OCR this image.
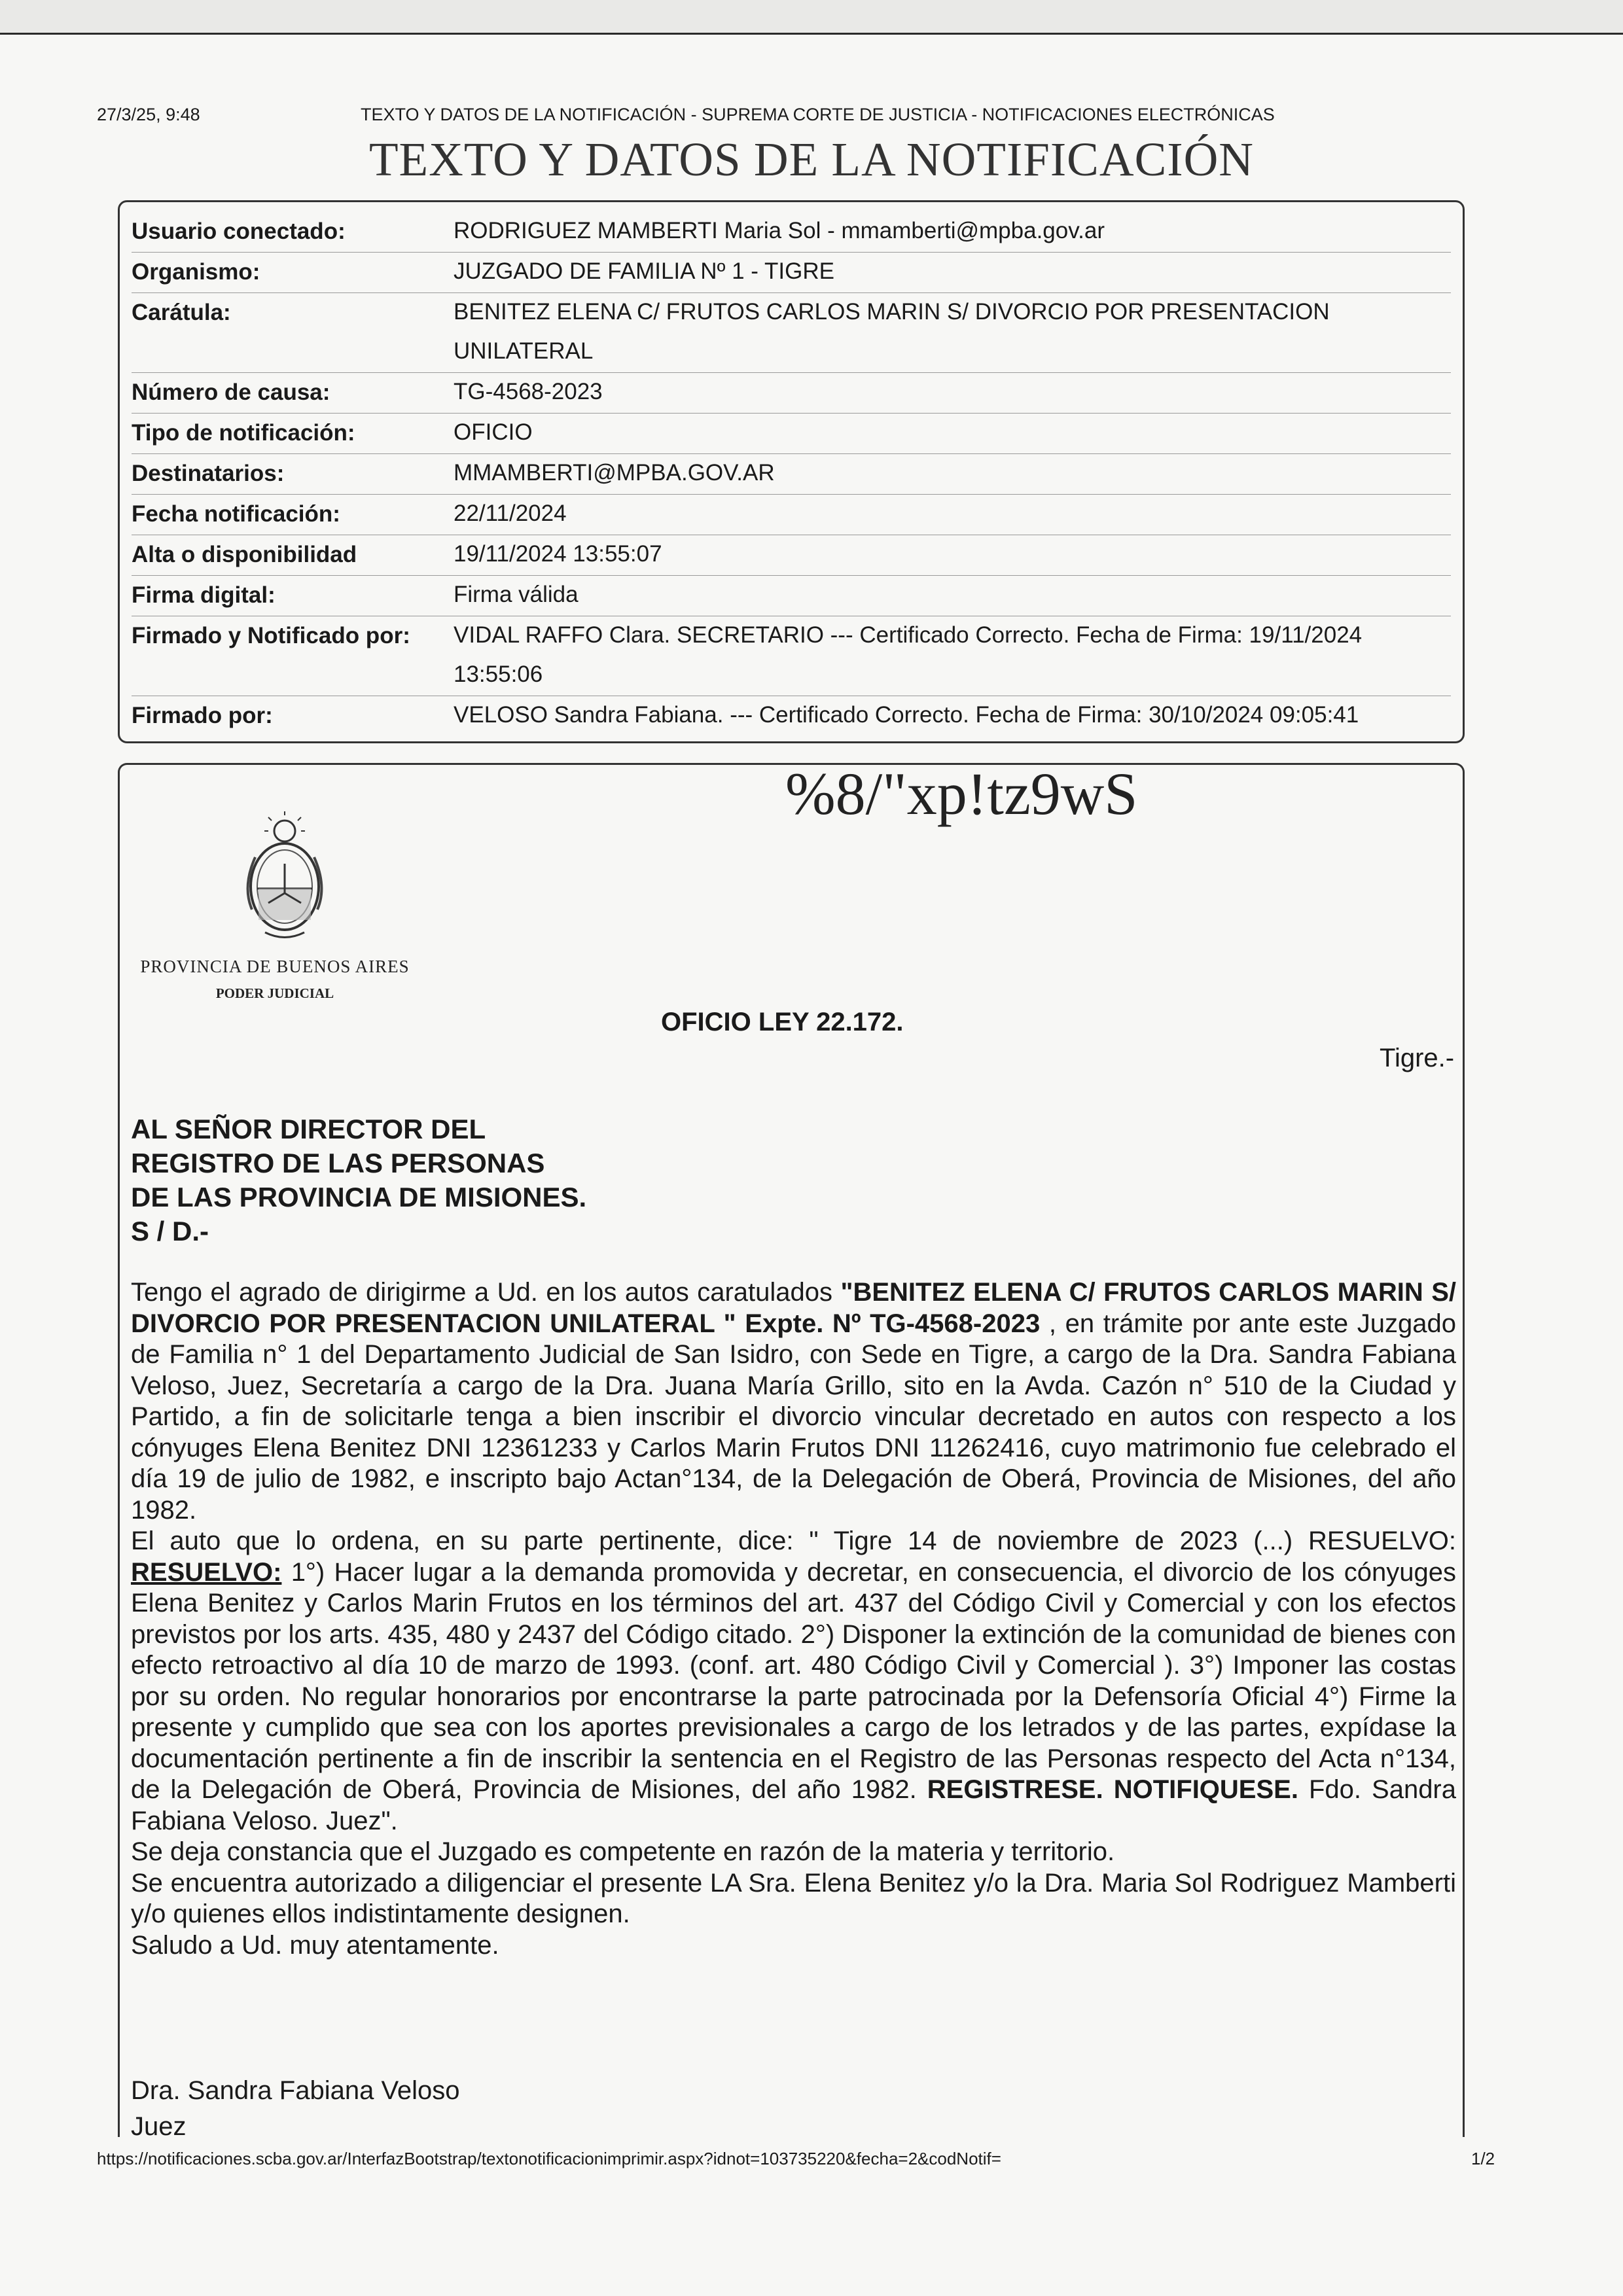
27/3/25, 9:48	TEXTO Y DATOS DE LA NOTIFICACIÓN - SUPREMA CORTE DE JUSTICIA - NOTIFICACIONES ELECTRÓNICAS
TEXTO Y DATOS DE LA NOTIFICACIÓN
Usuario conectado:	RODRIGUEZ MAMBERTI Maria Sol - mmamberti@mpba.gov.ar
Organismo:	JUZGADO DE FAMILIA Nº 1 - TIGRE
Carátula:	BENITEZ ELENA C/ FRUTOS CARLOS MARIN S/ DIVORCIO POR PRESENTACION UNILATERAL
Número de causa:	TG-4568-2023
Tipo de notificación:	OFICIO
Destinatarios:	MMAMBERTI@MPBA.GOV.AR
Fecha notificación:	22/11/2024
Alta o disponibilidad	19/11/2024 13:55:07
Firma digital:	Firma válida
Firmado y Notificado por:	VIDAL RAFFO Clara. SECRETARIO --- Certificado Correcto. Fecha de Firma: 19/11/2024 13:55:06
Firmado por:	VELOSO Sandra Fabiana. --- Certificado Correcto. Fecha de Firma: 30/10/2024 09:05:41
%8/"xp!tz9wS
PROVINCIA DE BUENOS AIRES
PODER JUDICIAL
OFICIO LEY 22.172.
Tigre.-
AL SEÑOR DIRECTOR DEL
REGISTRO DE LAS PERSONAS
DE LAS PROVINCIA DE MISIONES.
S / D.-

Tengo el agrado de dirigirme a Ud. en los autos caratulados "BENITEZ ELENA C/ FRUTOS CARLOS MARIN S/ DIVORCIO POR PRESENTACION UNILATERAL " Expte. Nº TG-4568-2023 , en trámite por ante este Juzgado de Familia n° 1 del Departamento Judicial de San Isidro, con Sede en Tigre, a cargo de la Dra. Sandra Fabiana Veloso, Juez, Secretaría a cargo de la Dra. Juana María Grillo, sito en la Avda. Cazón n° 510 de la Ciudad y Partido, a fin de solicitarle tenga a bien inscribir el divorcio vincular decretado en autos con respecto a los cónyuges Elena Benitez DNI 12361233 y Carlos Marin Frutos DNI 11262416, cuyo matrimonio fue celebrado el día 19 de julio de 1982, e inscripto bajo Actan°134, de la Delegación de Oberá, Provincia de Misiones, del año 1982.

El auto que lo ordena, en su parte pertinente, dice: " Tigre 14 de noviembre de 2023 (...) RESUELVO: RESUELVO: 1°) Hacer lugar a la demanda promovida y decretar, en consecuencia, el divorcio de los cónyuges Elena Benitez y Carlos Marin Frutos en los términos del art. 437 del Código Civil y Comercial y con los efectos previstos por los arts. 435, 480 y 2437 del Código citado. 2°) Disponer la extinción de la comunidad de bienes con efecto retroactivo al día 10 de marzo de 1993. (conf. art. 480 Código Civil y Comercial ). 3°) Imponer las costas por su orden. No regular honorarios por encontrarse la parte patrocinada por la Defensoría Oficial 4°) Firme la presente y cumplido que sea con los aportes previsionales a cargo de los letrados y de las partes, expídase la documentación pertinente a fin de inscribir la sentencia en el Registro de las Personas respecto del Acta n°134, de la Delegación de Oberá, Provincia de Misiones, del año 1982. REGISTRESE. NOTIFIQUESE. Fdo. Sandra Fabiana Veloso. Juez".

Se deja constancia que el Juzgado es competente en razón de la materia y territorio.

Se encuentra autorizado a diligenciar el presente LA Sra. Elena Benitez y/o la Dra. Maria Sol Rodriguez Mamberti y/o quienes ellos indistintamente designen.

Saludo a Ud. muy atentamente.

Dra. Sandra Fabiana Veloso
Juez
https://notificaciones.scba.gov.ar/InterfazBootstrap/textonotificacionimprimir.aspx?idnot=103735220&fecha=2&codNotif=	1/2
